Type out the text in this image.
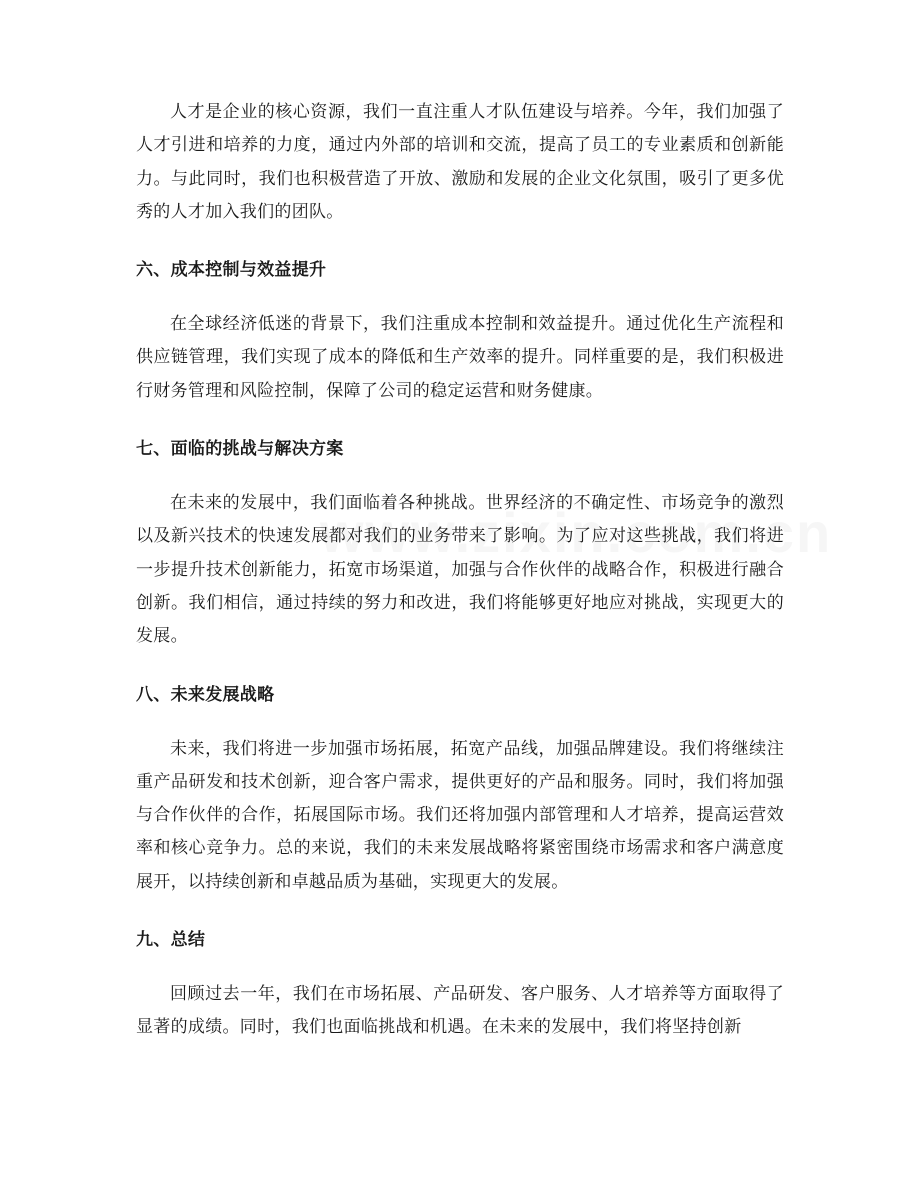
人才是企业的核心资源，我们一直注重人才队伍建设与培养。今年，我们加强了人才引进和培养的力度，通过内外部的培训和交流，提高了员工的专业素质和创新能力。与此同时，我们也积极营造了开放、激励和发展的企业文化氛围，吸引了更多优秀的人才加入我们的团队。

六、成本控制与效益提升

在全球经济低迷的背景下，我们注重成本控制和效益提升。通过优化生产流程和供应链管理，我们实现了成本的降低和生产效率的提升。同样重要的是，我们积极进行财务管理和风险控制，保障了公司的稳定运营和财务健康。

七、面临的挑战与解决方案

在未来的发展中，我们面临着各种挑战。世界经济的不确定性、市场竞争的激烈以及新兴技术的快速发展都对我们的业务带来了影响。为了应对这些挑战，我们将进一步提升技术创新能力，拓宽市场渠道，加强与合作伙伴的战略合作，积极进行融合创新。我们相信，通过持续的努力和改进，我们将能够更好地应对挑战，实现更大的发展。

八、未来发展战略

未来，我们将进一步加强市场拓展，拓宽产品线，加强品牌建设。我们将继续注重产品研发和技术创新，迎合客户需求，提供更好的产品和服务。同时，我们将加强与合作伙伴的合作，拓展国际市场。我们还将加强内部管理和人才培养，提高运营效率和核心竞争力。总的来说，我们的未来发展战略将紧密围绕市场需求和客户满意度展开，以持续创新和卓越品质为基础，实现更大的发展。

九、总结

回顾过去一年，我们在市场拓展、产品研发、客户服务、人才培养等方面取得了显著的成绩。同时，我们也面临挑战和机遇。在未来的发展中，我们将坚持创新
